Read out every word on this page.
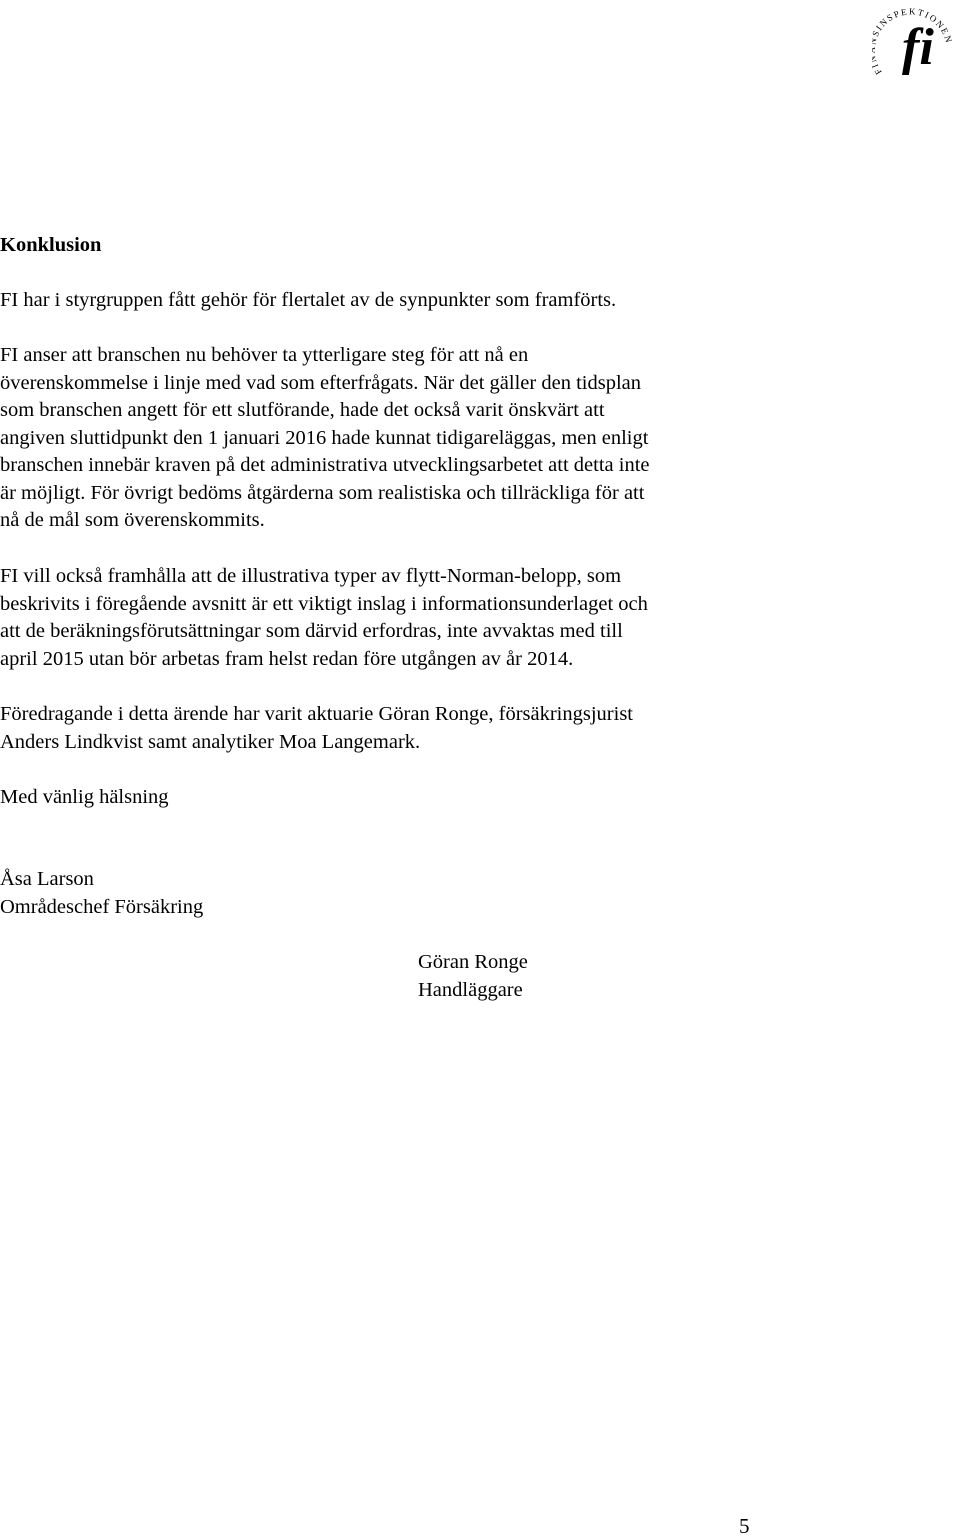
F INSPEKTIONEN
fi
Konklusion
FI har i styrgruppen fått gehör för flertalet av de synpunkter som framförts.
FI anser att branschen nu behöver ta ytterligare steg för att nå en
överenskommelse i linje med vad som efterfrågats. När det gäller den tidsplan
som branschen angett för ett slutförande, hade det också varit önskvärt att
angiven sluttidpunkt den 1 januari 2016 hade kunnat tidigareläggas, men enligt
branschen innebär kraven på det administrativa utvecklingsarbetet att detta inte
är möjligt. För övrigt bedöms åtgärderna som realistiska och tillräckliga för att
nå de mål som överenskommits.
FI vill också framhålla att de illustrativa typer av flytt-Norman-belopp, som
beskrivits i föregående avsnitt är ett viktigt inslag i informationsunderlaget och
att de beräkningsförutsättningar som därvid erfordras, inte avvaktas med till
april 2015 utan bör arbetas fram helst redan före utgången av år 2014.
Föredragande i detta ärende har varit aktuarie Göran Ronge, försäkringsjurist
Anders Lindkvist samt analytiker Moa Langemark.
Med vänlig hälsning
Åsa Larson
Områdeschef Försäkring
Göran Ronge
Handläggare
5
